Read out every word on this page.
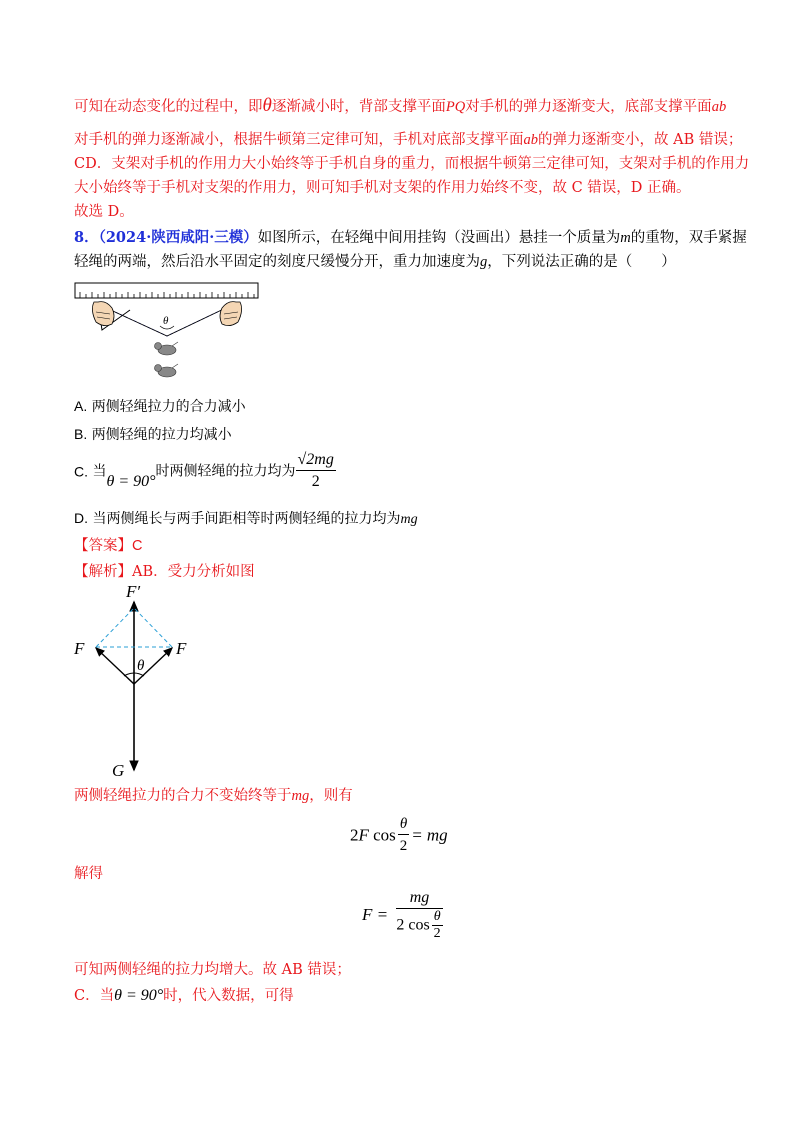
可知在动态变化的过程中，即θ逐渐减小时，背部支撑平面PQ对手机的弹力逐渐变大，底部支撑平面ab
对手机的弹力逐渐减小，根据牛顿第三定律可知，手机对底部支撑平面ab的弹力逐渐变小，故 AB 错误；
CD．支架对手机的作用力大小始终等于手机自身的重力，而根据牛顿第三定律可知，支架对手机的作用力
大小始终等于手机对支架的作用力，则可知手机对支架的作用力始终不变，故 C 错误，D 正确。
故选 D。
8．（2024·陕西咸阳·三模）如图所示，在轻绳中间用挂钩（没画出）悬挂一个质量为m的重物，双手紧握
轻绳的两端，然后沿水平固定的刻度尺缓慢分开，重力加速度为g，下列说法正确的是（　　）
θ
A. 两侧轻绳拉力的合力减小
B. 两侧轻绳的拉力均减小
C. 当θ = 90°时两侧轻绳的拉力均为 $\frac{√2mg}{2}$
D. 当两侧绳长与两手间距相等时两侧轻绳的拉力均为mg
【答案】C
【解析】AB．受力分析如图
F′
F	F
θ
G
两侧轻绳拉力的合力不变始终等于mg，则有
2F $\cos \frac{\theta}{2}$ = mg
解得
$F = \frac{mg}{2 \cos \frac{\theta}{2}}$
可知两侧轻绳的拉力均增大。故 AB 错误；
C．当θ = 90°时，代入数据，可得
